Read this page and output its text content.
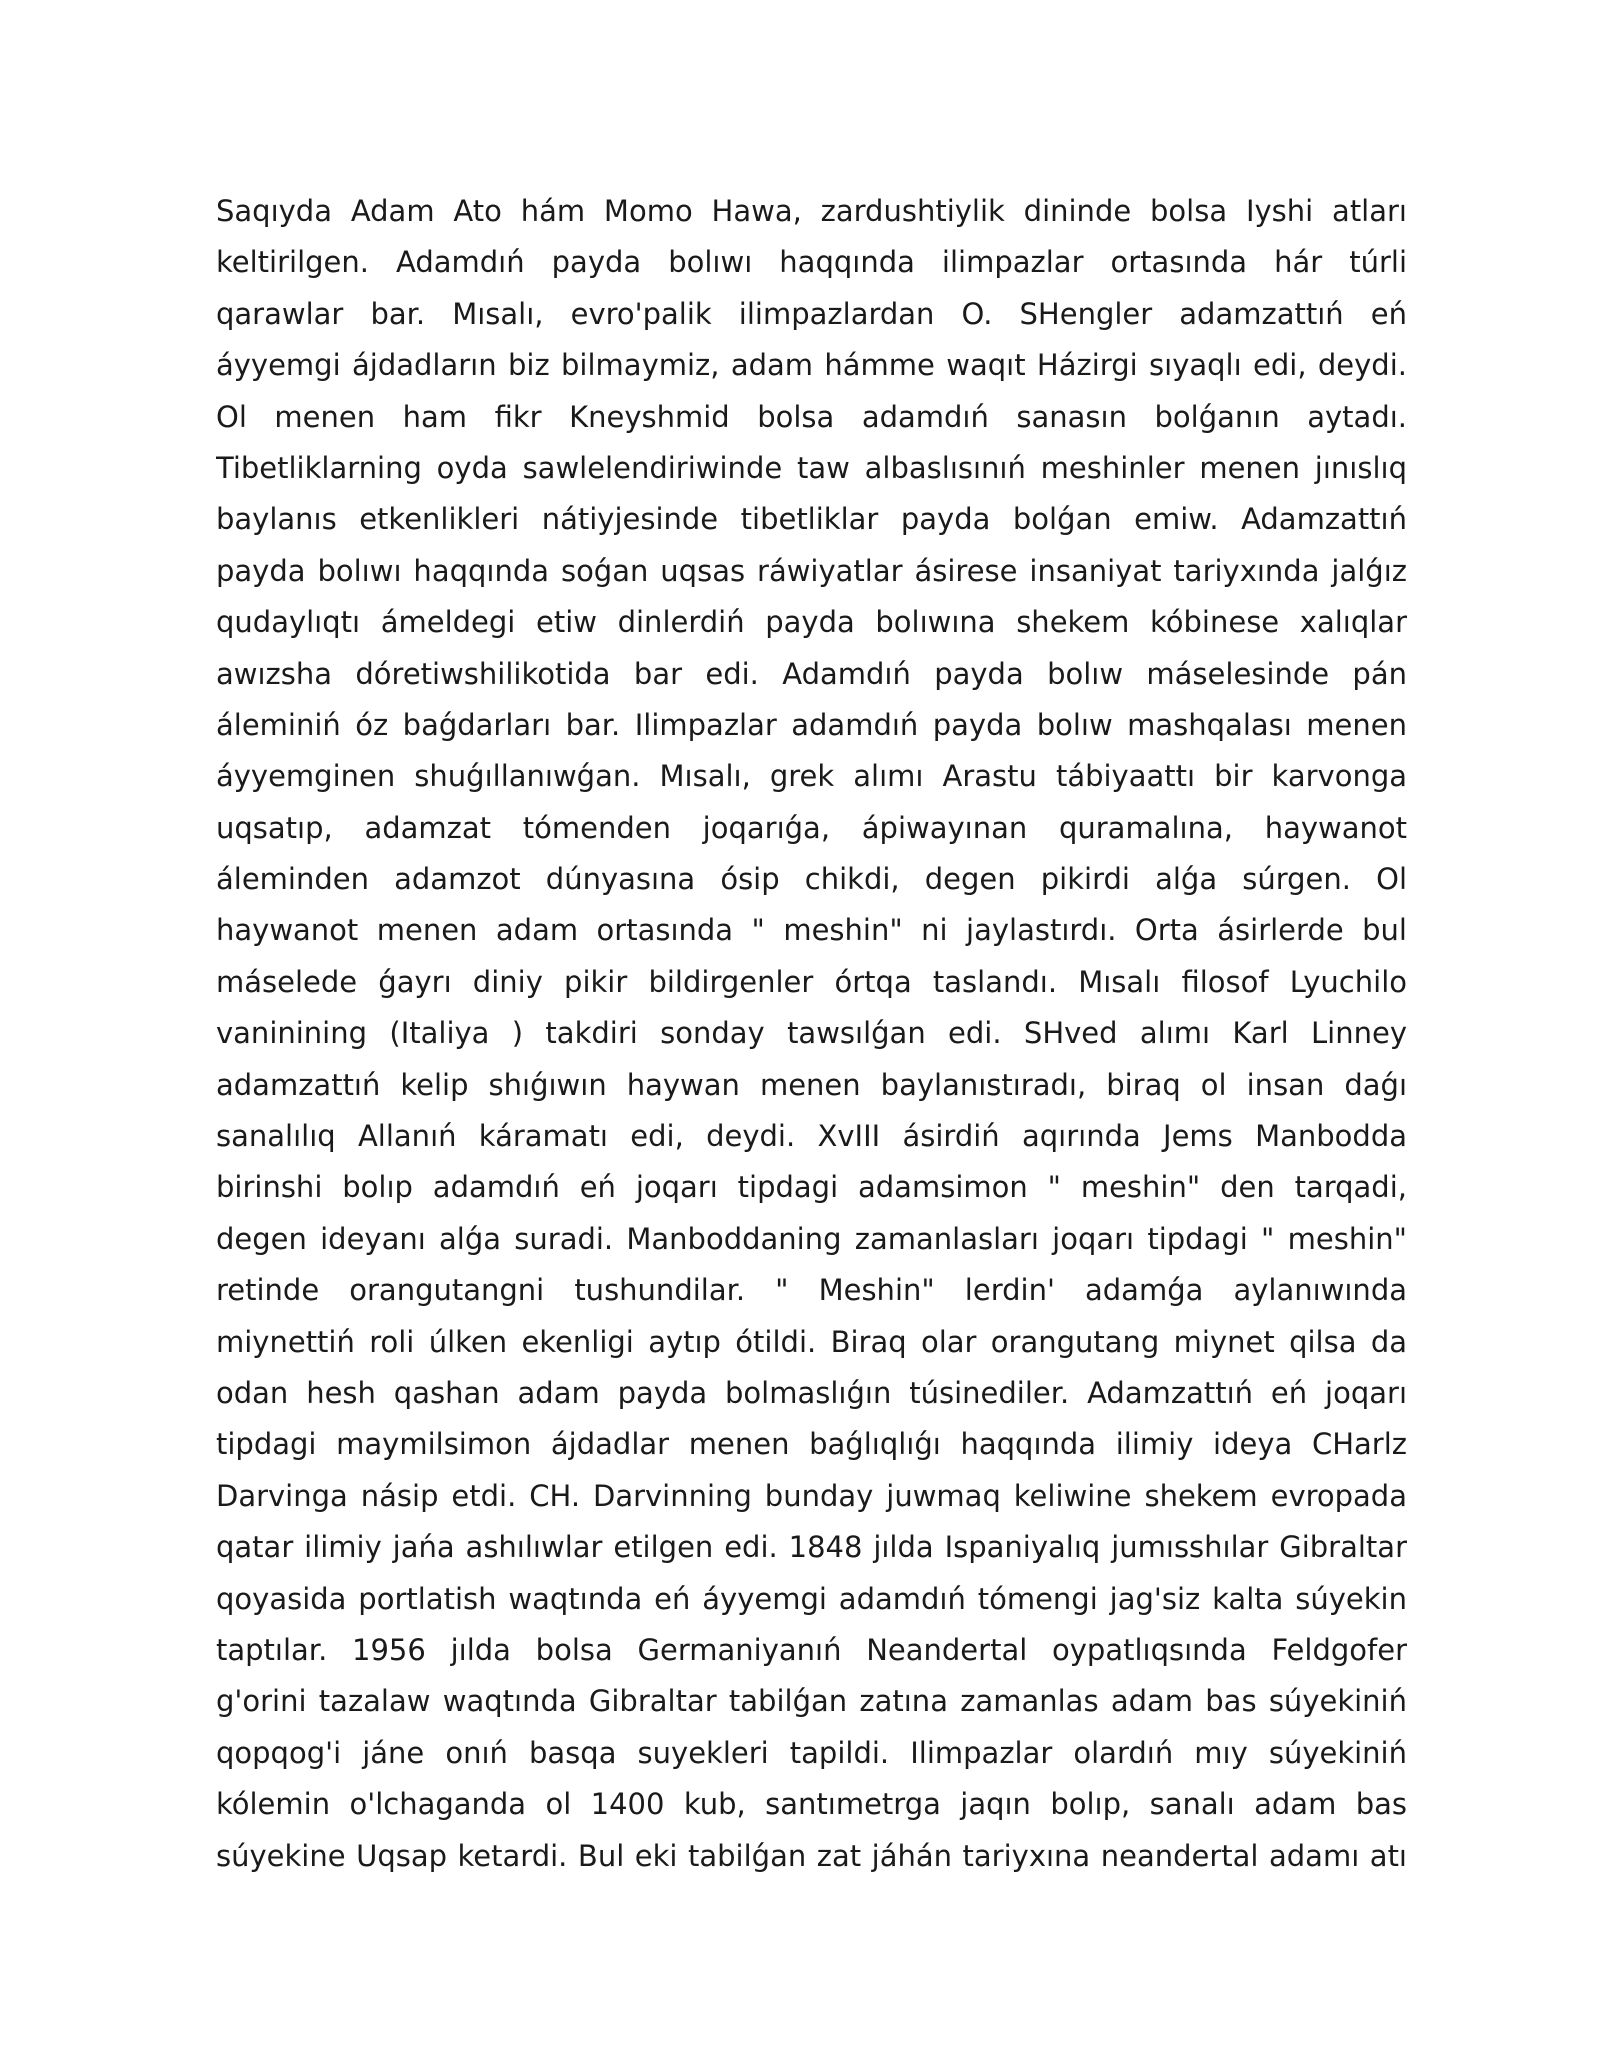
Saqıyda Adam Ato hám Momo Hawa, zardushtiylik dininde bolsa Iyshi atları
keltirilgen. Adamdıń payda bolıwı haqqında ilimpazlar ortasında hár túrli
qarawlar bar. Mısalı, evro'palik ilimpazlardan O. SHengler adamzattıń eń
áyyemgi ájdadların biz bilmaymiz, adam hámme waqıt Házirgi sıyaqlı edi, deydi.
Ol menen ham fikr Kneyshmid bolsa adamdıń sanasın bolǵanın aytadı.
Tibetliklarning oyda sawlelendiriwinde taw albaslısınıń meshinler menen jınıslıq
baylanıs etkenlikleri nátiyjesinde tibetliklar payda bolǵan emiw. Adamzattıń
payda bolıwı haqqında soǵan uqsas ráwiyatlar ásirese insaniyat tariyxında jalǵız
qudaylıqtı ámeldegi etiw dinlerdiń payda bolıwına shekem kóbinese xalıqlar
awızsha dóretiwshilikotida bar edi. Adamdıń payda bolıw máselesinde pán
áleminiń óz baǵdarları bar. Ilimpazlar adamdıń payda bolıw mashqalası menen
áyyemginen shuǵıllanıwǵan. Mısalı, grek alımı Arastu tábiyaattı bir karvonga
uqsatıp, adamzat tómenden joqarıǵa, ápiwayınan quramalına, haywanot
áleminden adamzot dúnyasına ósip chikdi, degen pikirdi alǵa súrgen. Ol
haywanot menen adam ortasında " meshin" ni jaylastırdı. Orta ásirlerde bul
máselede ǵayrı diniy pikir bildirgenler órtqa taslandı. Mısalı filosof Lyuchilo
vaninining (Italiya ) takdiri sonday tawsılǵan edi. SHved alımı Karl Linney
adamzattıń kelip shıǵıwın haywan menen baylanıstıradı, biraq ol insan daǵı
sanalılıq Allanıń káramatı edi, deydi. XvIII ásirdiń aqırında Jems Manbodda
birinshi bolıp adamdıń eń joqarı tipdagi adamsimon " meshin" den tarqadi,
degen ideyanı alǵa suradi. Manboddaning zamanlasları joqarı tipdagi " meshin"
retinde orangutangni tushundilar. " Meshin" lerdin' adamǵa aylanıwında
miynettiń roli úlken ekenligi aytıp ótildi. Biraq olar orangutang miynet qilsa da
odan hesh qashan adam payda bolmaslıǵın túsinediler. Adamzattıń eń joqarı
tipdagi maymilsimon ájdadlar menen baǵlıqlıǵı haqqında ilimiy ideya CHarlz
Darvinga násip etdi. CH. Darvinning bunday juwmaq keliwine shekem evropada
qatar ilimiy jańa ashılıwlar etilgen edi. 1848 jılda Ispaniyalıq jumısshılar Gibraltar
qoyasida portlatish waqtında eń áyyemgi adamdıń tómengi jag'siz kalta súyekin
taptılar. 1956 jılda bolsa Germaniyanıń Neandertal oypatlıqsında Feldgofer
g'orini tazalaw waqtında Gibraltar tabilǵan zatına zamanlas adam bas súyekiniń
qopqog'i jáne onıń basqa suyekleri tapildi. Ilimpazlar olardıń mıy súyekiniń
kólemin o'lchaganda ol 1400 kub, santımetrga jaqın bolıp, sanalı adam bas
súyekine Uqsap ketardi. Bul eki tabilǵan zat jáhán tariyxına neandertal adamı atı
